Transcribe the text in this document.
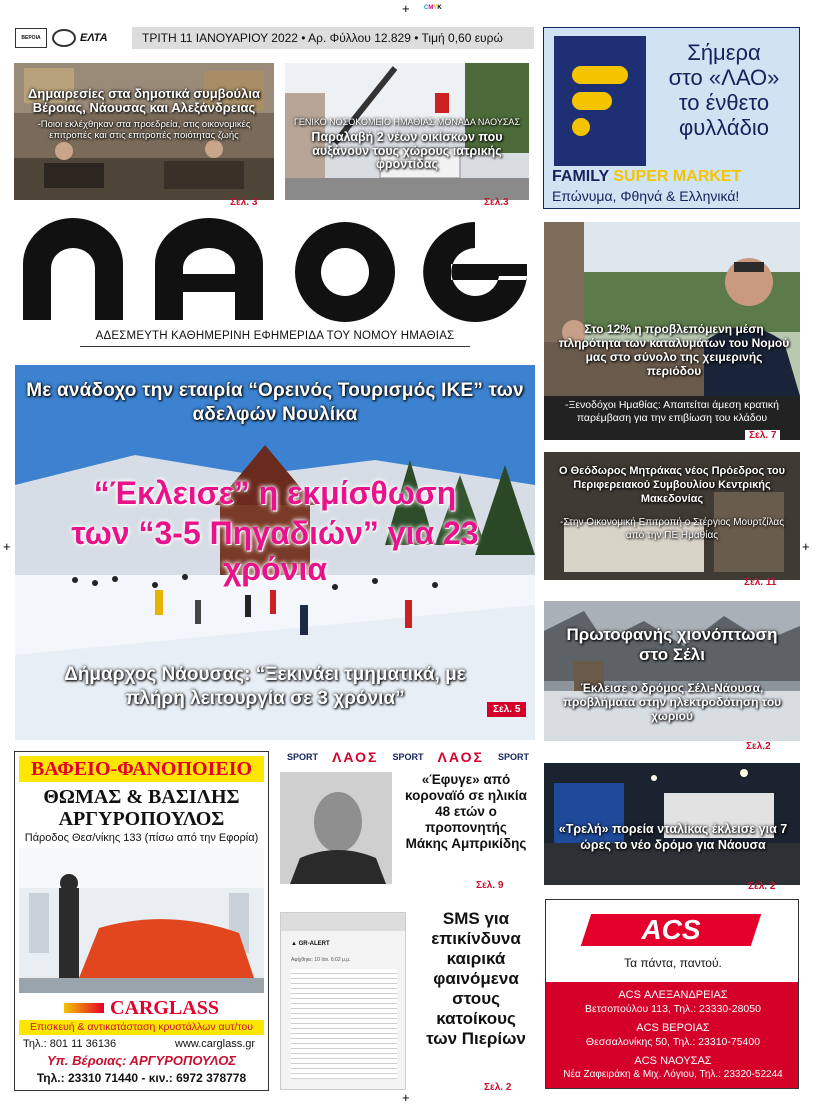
+ CMYK
+	+
+
ΒΕΡΟΙΑ	ΕΛΤΑ	ΤΡΙΤΗ 11 ΙΑΝΟΥΑΡΙΟΥ 2022 • Αρ. Φύλλου 12.829 • Τιμή 0,60 ευρώ
Δημαιρεσίες στα δημοτικά συμβούλια Βέροιας, Νάουσας και Αλεξάνδρειας
-Ποιοι εκλέχθηκαν στα προεδρεία, στις οικονομικές επιτροπές και στις επιτροπές ποιότητας ζωής
Σελ. 3
ΓΕΝΙΚΟ ΝΟΣΟΚΟΜΕΙΟ ΗΜΑΘΙΑΣ ΜΟΝΑΔΑ ΝΑΟΥΣΑΣ
Παραλαβή 2 νέων οικίσκων που αυξάνουν τους χώρους ιατρικής φροντίδας
Σελ.3
Σήμερα
στο «ΛΑΟ»
το ένθετο
φυλλάδιο
FAMILY SUPER MARKET
Επώνυμα, Φθηνά & Ελληνικά!
ΑΔΕΣΜΕΥΤΗ ΚΑΘΗΜΕΡΙΝΗ ΕΦΗΜΕΡΙΔΑ ΤΟΥ ΝΟΜΟΥ ΗΜΑΘΙΑΣ
Με ανάδοχο την εταιρία “Ορεινός Τουρισμός ΙΚΕ” των αδελφών Νουλίκα
“Έκλεισε” η εκμίσθωση
των “3-5 Πηγαδιών” για 23 χρόνια
Δήμαρχος Νάουσας: “Ξεκινάει τμηματικά, με πλήρη λειτουργία σε 3 χρόνια”
Σελ. 5
Στο 12% η προβλεπόμενη μέση πληρότητα των καταλυμάτων του Νομού μας στο σύνολο της χειμερινής περιόδου
-Ξενοδόχοι Ημαθίας: Απαιτείται άμεση κρατική παρέμβαση για την επιβίωση του κλάδου
Σελ. 7
Ο Θεόδωρος Μητράκας νέος Πρόεδρος του Περιφερειακού Συμβουλίου Κεντρικής Μακεδονίας
-Στην Οικονομική Επιτροπή ο Στέργιος Μουρτζίλας από την ΠΕ Ημαθίας
Σελ. 11
Πρωτοφανής χιονόπτωση στο Σέλι
Έκλεισε ο δρόμος Σέλι-Νάουσα, προβλήματα στην ηλεκτροδότηση του χωριού
Σελ.2
ΒΑΦΕΙΟ-ΦΑΝΟΠΟΙΕΙΟ
ΘΩΜΑΣ & ΒΑΣΙΛΗΣ
ΑΡΓΥΡΟΠΟΥΛΟΣ
Πάροδος Θεσ/νίκης 133 (πίσω από την Εφορία)
CARGLASS
Επισκευή & αντικατάσταση κρυστάλλων αυτ/του
Τηλ.: 801 11 36136	www.carglass.gr
Υπ. Βέροιας: ΑΡΓΥΡΟΠΟΥΛΟΣ
Τηλ.: 23310 71440 - κιν.: 6972 378778
SPORT ΛΑΟΣ SPORT ΛΑΟΣ SPORT
«Έφυγε» από κοροναϊό σε ηλικία 48 ετών ο προπονητής Μάκης Αμπρικίδης
Σελ. 9
«Τρελή» πορεία νταλίκας έκλεισε για 7 ώρες το νέο δρόμο για Νάουσα
Σελ. 2
▲ GR-ALERT
Αφίχθηκε: 10 Ιαν. 6:02 μ.μ.
SMS για επικίνδυνα καιρικά φαινόμενα στους κατοίκους των Πιερίων
Σελ. 2
ACS
Τα πάντα, παντού.
ACS ΑΛΕΞΑΝΔΡΕΙΑΣ
Βετσοπούλου 113, Τηλ.: 23330-28050
ACS ΒΕΡΟΙΑΣ
Θεσσαλονίκης 50, Τηλ.: 23310-75400
ACS ΝΑΟΥΣΑΣ
Νέα Ζαφειράκη & Μιχ. Λόγιου, Τηλ.: 23320-52244
